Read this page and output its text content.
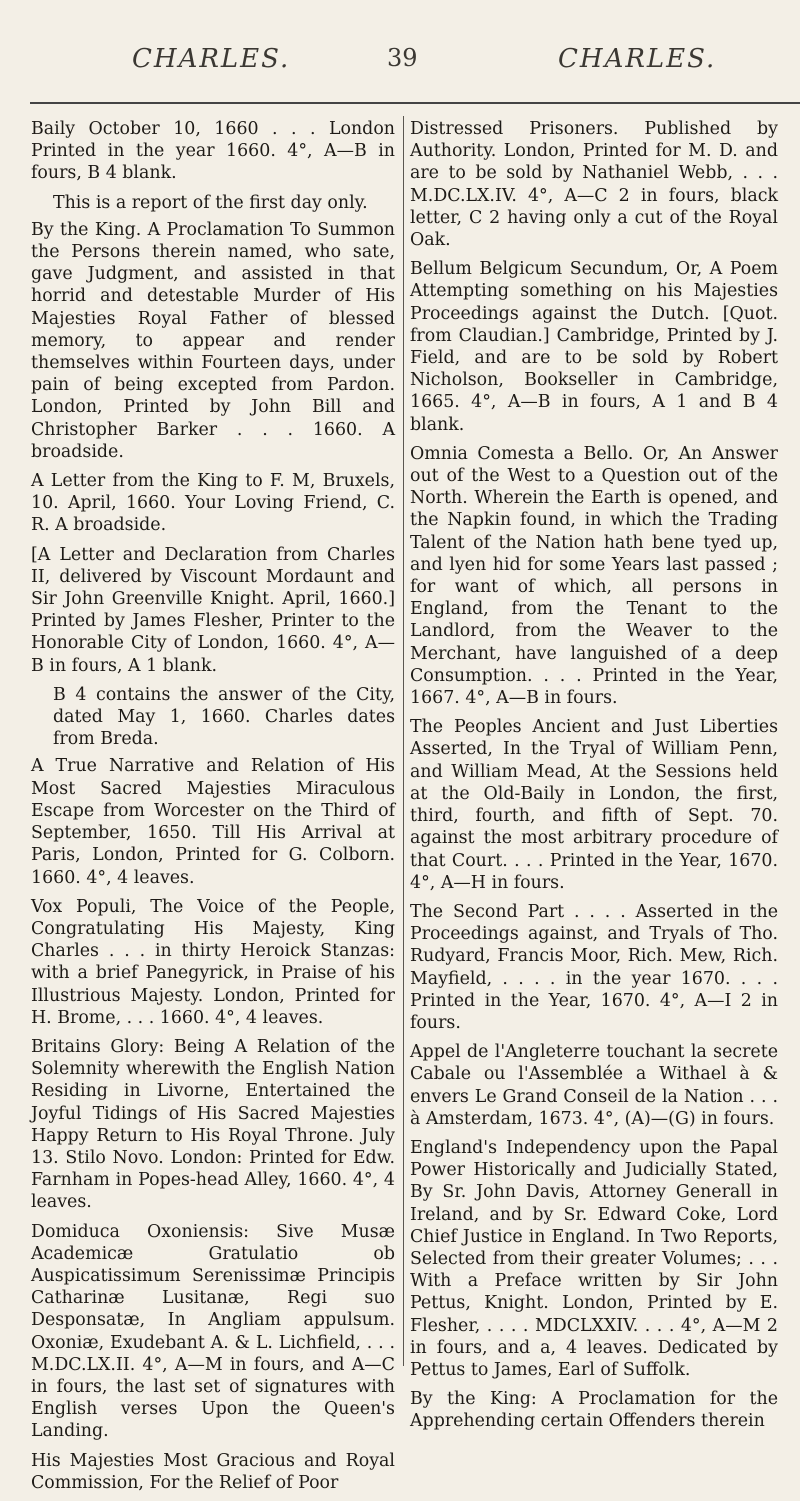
CHARLES.	39	CHARLES.

Baily October 10, 1660 . . . London Printed in the year 1660. 4°, A—B in fours, B 4 blank.

This is a report of the first day only.

By the King. A Proclamation To Summon the Persons therein named, who sate, gave Judgment, and assisted in that horrid and detestable Murder of His Majesties Royal Father of blessed memory, to appear and render themselves within Fourteen days, under pain of being excepted from Pardon. London, Printed by John Bill and Christopher Barker . . . 1660. A broadside.

A Letter from the King to F. M, Bruxels, 10. April, 1660. Your Loving Friend, C. R. A broadside.

[A Letter and Declaration from Charles II, delivered by Viscount Mordaunt and Sir John Greenville Knight. April, 1660.] Printed by James Flesher, Printer to the Honorable City of London, 1660. 4°, A—B in fours, A 1 blank.

B 4 contains the answer of the City, dated May 1, 1660. Charles dates from Breda.

A True Narrative and Relation of His Most Sacred Majesties Miraculous Escape from Worcester on the Third of September, 1650. Till His Arrival at Paris, London, Printed for G. Colborn. 1660. 4°, 4 leaves.

Vox Populi, The Voice of the People, Congratulating His Majesty, King Charles . . . in thirty Heroick Stanzas: with a brief Panegyrick, in Praise of his Illustrious Majesty. London, Printed for H. Brome, . . . 1660. 4°, 4 leaves.

Britains Glory: Being A Relation of the Solemnity wherewith the English Nation Residing in Livorne, Entertained the Joyful Tidings of His Sacred Majesties Happy Return to His Royal Throne. July 13. Stilo Novo. London: Printed for Edw. Farnham in Popes-head Alley, 1660. 4°, 4 leaves.

Domiduca Oxoniensis: Sive Musæ Academicæ Gratulatio ob Auspicatissimum Serenissimæ Principis Catharinæ Lusitanæ, Regi suo Desponsatæ, In Angliam appulsum. Oxoniæ, Exudebant A. & L. Lichfield, . . . M.DC.LX.II. 4°, A—M in fours, and A—C in fours, the last set of signatures with English verses Upon the Queen's Landing.

His Majesties Most Gracious and Royal Commission, For the Relief of Poor

Distressed Prisoners. Published by Authority. London, Printed for M. D. and are to be sold by Nathaniel Webb, . . . M.DC.LX.IV. 4°, A—C 2 in fours, black letter, C 2 having only a cut of the Royal Oak.

Bellum Belgicum Secundum, Or, A Poem Attempting something on his Majesties Proceedings against the Dutch. [Quot. from Claudian.] Cambridge, Printed by J. Field, and are to be sold by Robert Nicholson, Bookseller in Cambridge, 1665. 4°, A—B in fours, A 1 and B 4 blank.

Omnia Comesta a Bello. Or, An Answer out of the West to a Question out of the North. Wherein the Earth is opened, and the Napkin found, in which the Trading Talent of the Nation hath bene tyed up, and lyen hid for some Years last passed ; for want of which, all persons in England, from the Tenant to the Landlord, from the Weaver to the Merchant, have languished of a deep Consumption. . . . Printed in the Year, 1667. 4°, A—B in fours.

The Peoples Ancient and Just Liberties Asserted, In the Tryal of William Penn, and William Mead, At the Sessions held at the Old-Baily in London, the first, third, fourth, and fifth of Sept. 70. against the most arbitrary procedure of that Court. . . . Printed in the Year, 1670. 4°, A—H in fours.

The Second Part . . . . Asserted in the Proceedings against, and Tryals of Tho. Rudyard, Francis Moor, Rich. Mew, Rich. Mayfield, . . . . in the year 1670. . . . Printed in the Year, 1670. 4°, A—I 2 in fours.

Appel de l'Angleterre touchant la secrete Cabale ou l'Assemblée a Withael à & envers Le Grand Conseil de la Nation . . . à Amsterdam, 1673. 4°, (A)—(G) in fours.

England's Independency upon the Papal Power Historically and Judicially Stated, By Sr. John Davis, Attorney Generall in Ireland, and by Sr. Edward Coke, Lord Chief Justice in England. In Two Reports, Selected from their greater Volumes; . . . With a Preface written by Sir John Pettus, Knight. London, Printed by E. Flesher, . . . . MDCLXXIV. . . . 4°, A—M 2 in fours, and a, 4 leaves. Dedicated by Pettus to James, Earl of Suffolk.

By the King: A Proclamation for the Apprehending certain Offenders therein
